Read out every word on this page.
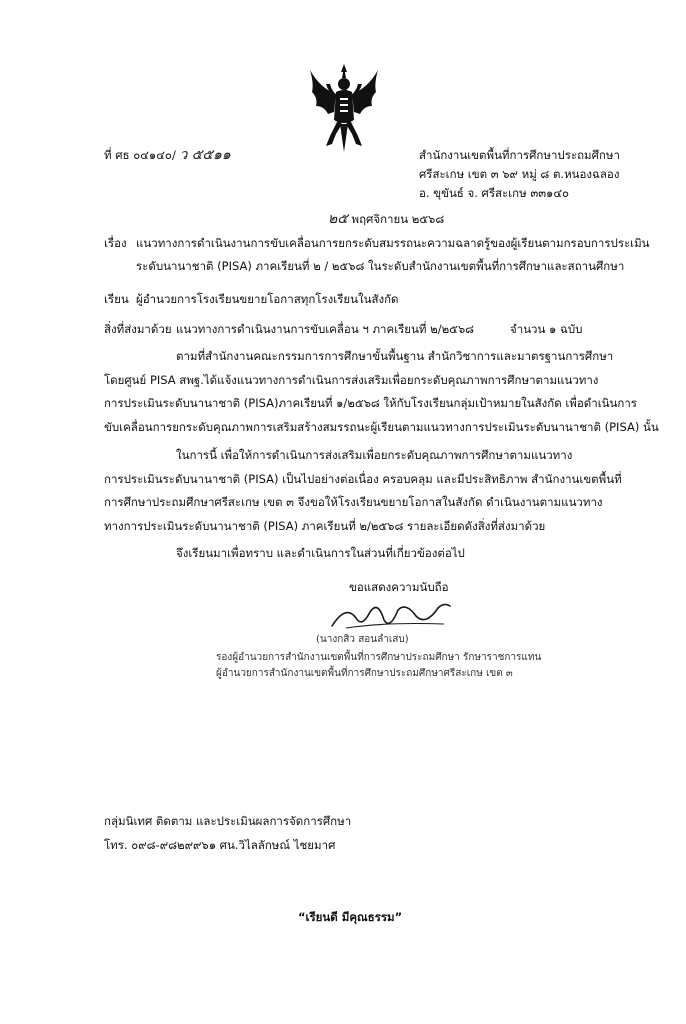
ที่ ศธ ๐๔๑๔๐/ ว ๕๕๑๑	สำนักงานเขตพื้นที่การศึกษาประถมศึกษา
ศรีสะเกษ เขต ๓ ๖๙ หมู่ ๘ ต.หนองฉลอง
อ. ขุขันธ์ จ. ศรีสะเกษ ๓๓๑๔๐
๒๕ พฤศจิกายน ๒๕๖๘
เรื่อง แนวทางการดำเนินงานการขับเคลื่อนการยกระดับสมรรถนะความฉลาดรู้ของผู้เรียนตามกรอบการประเมิน
ระดับนานาชาติ (PISA) ภาคเรียนที่ ๒ / ๒๕๖๘ ในระดับสำนักงานเขตพื้นที่การศึกษาและสถานศึกษา
เรียน ผู้อำนวยการโรงเรียนขยายโอกาสทุกโรงเรียนในสังกัด
สิ่งที่ส่งมาด้วย แนวทางการดำเนินงานการขับเคลื่อน ฯ ภาคเรียนที่ ๒/๒๕๖๘	จำนวน ๑ ฉบับ
ตามที่สำนักงานคณะกรรมการการศึกษาขั้นพื้นฐาน สำนักวิชาการและมาตรฐานการศึกษา
โดยศูนย์ PISA สพฐ.ได้แจ้งแนวทางการดำเนินการส่งเสริมเพื่อยกระดับคุณภาพการศึกษาตามแนวทาง
การประเมินระดับนานาชาติ (PISA)ภาคเรียนที่ ๑/๒๕๖๘ ให้กับโรงเรียนกลุ่มเป้าหมายในสังกัด เพื่อดำเนินการ
ขับเคลื่อนการยกระดับคุณภาพการเสริมสร้างสมรรถนะผู้เรียนตามแนวทางการประเมินระดับนานาชาติ (PISA) นั้น
ในการนี้ เพื่อให้การดำเนินการส่งเสริมเพื่อยกระดับคุณภาพการศึกษาตามแนวทาง
การประเมินระดับนานาชาติ (PISA) เป็นไปอย่างต่อเนื่อง ครอบคลุม และมีประสิทธิภาพ สำนักงานเขตพื้นที่
การศึกษาประถมศึกษาศรีสะเกษ เขต ๓ จึงขอให้โรงเรียนขยายโอกาสในสังกัด ดำเนินงานตามแนวทาง
ทางการประเมินระดับนานาชาติ (PISA) ภาคเรียนที่ ๒/๒๕๖๘ รายละเอียดดังสิ่งที่ส่งมาด้วย
จึงเรียนมาเพื่อทราบ และดำเนินการในส่วนที่เกี่ยวข้องต่อไป
ขอแสดงความนับถือ
(นางกสิว สอนลำเสบ)
รองผู้อำนวยการสำนักงานเขตพื้นที่การศึกษาประถมศึกษา รักษาราชการแทน
ผู้อำนวยการสำนักงานเขตพื้นที่การศึกษาประถมศึกษาศรีสะเกษ เขต ๓
กลุ่มนิเทศ ติดตาม และประเมินผลการจัดการศึกษา
โทร. ๐๙๘-๙๘๒๙๙๖๑ ศน.วิไลลักษณ์ ไชยมาศ
“เรียนดี มีคุณธรรม”
